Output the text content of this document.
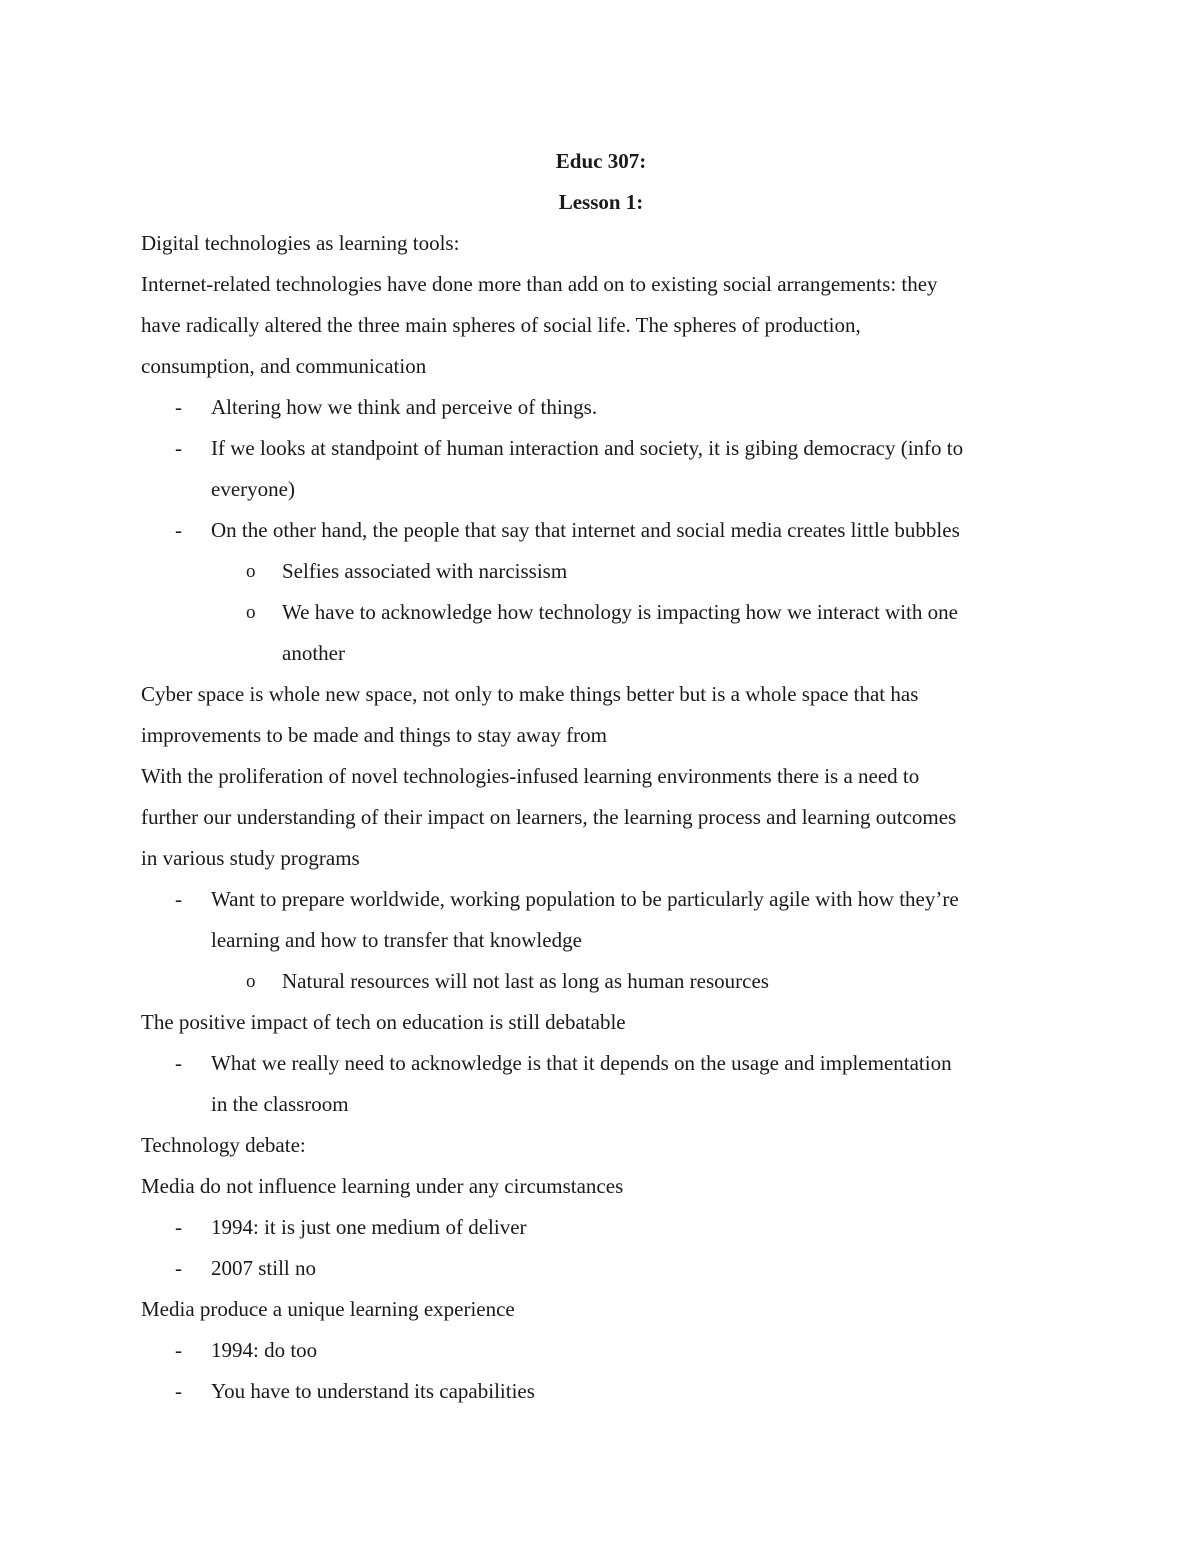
Educ 307:
Lesson 1:
Digital technologies as learning tools:
Internet-related technologies have done more than add on to existing social arrangements: they
have radically altered the three main spheres of social life. The spheres of production,
consumption, and communication
- Altering how we think and perceive of things.
- If we looks at standpoint of human interaction and society, it is gibing democracy (info to
everyone)
- On the other hand, the people that say that internet and social media creates little bubbles
o Selfies associated with narcissism
o We have to acknowledge how technology is impacting how we interact with one
another
Cyber space is whole new space, not only to make things better but is a whole space that has
improvements to be made and things to stay away from
With the proliferation of novel technologies-infused learning environments there is a need to
further our understanding of their impact on learners, the learning process and learning outcomes
in various study programs
- Want to prepare worldwide, working population to be particularly agile with how they’re
learning and how to transfer that knowledge
o Natural resources will not last as long as human resources
The positive impact of tech on education is still debatable
- What we really need to acknowledge is that it depends on the usage and implementation
in the classroom
Technology debate:
Media do not influence learning under any circumstances
- 1994: it is just one medium of deliver
- 2007 still no
Media produce a unique learning experience
- 1994: do too
- You have to understand its capabilities
